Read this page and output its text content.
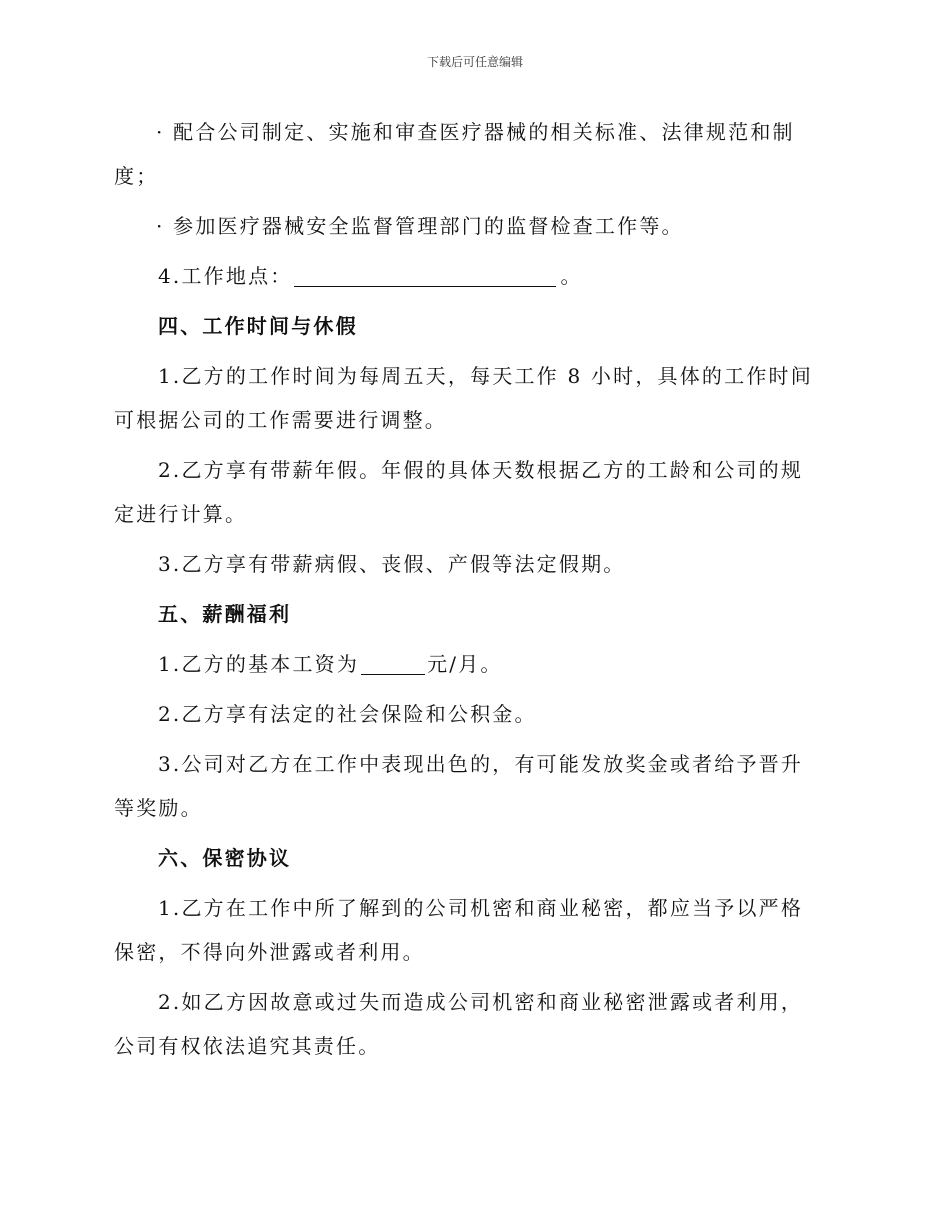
下载后可任意编辑

· 配合公司制定、实施和审查医疗器械的相关标准、法律规范和制度；

· 参加医疗器械安全监督管理部门的监督检查工作等。

4.工作地点：	。

四、工作时间与休假

1.乙方的工作时间为每周五天，每天工作 8 小时，具体的工作时间可根据公司的工作需要进行调整。

2.乙方享有带薪年假。年假的具体天数根据乙方的工龄和公司的规定进行计算。

3.乙方享有带薪病假、丧假、产假等法定假期。

五、薪酬福利

1.乙方的基本工资为	元/月。

2.乙方享有法定的社会保险和公积金。

3.公司对乙方在工作中表现出色的，有可能发放奖金或者给予晋升等奖励。

六、保密协议

1.乙方在工作中所了解到的公司机密和商业秘密，都应当予以严格保密，不得向外泄露或者利用。

2.如乙方因故意或过失而造成公司机密和商业秘密泄露或者利用，公司有权依法追究其责任。
